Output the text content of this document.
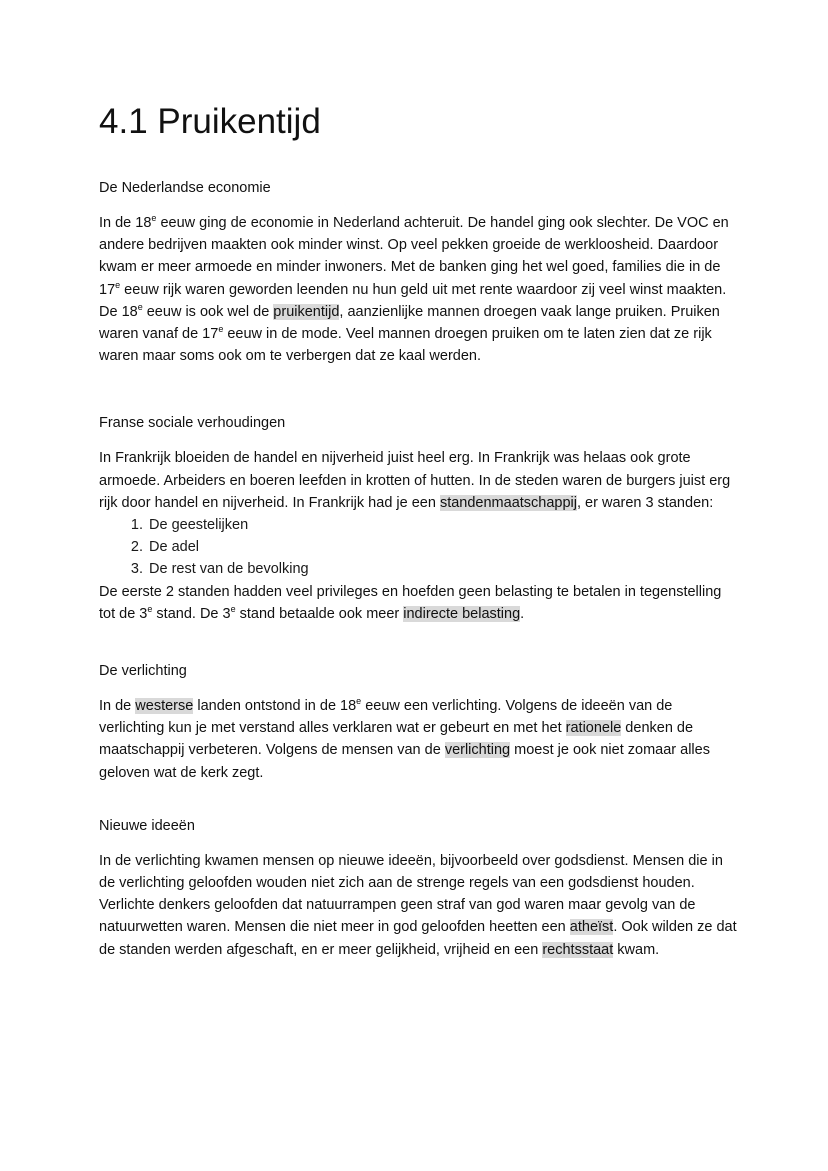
4.1 Pruikentijd
De Nederlandse economie

In de 18e eeuw ging de economie in Nederland achteruit. De handel ging ook slechter. De VOC en andere bedrijven maakten ook minder winst. Op veel pekken groeide de werkloosheid. Daardoor kwam er meer armoede en minder inwoners. Met de banken ging het wel goed, families die in de 17e eeuw rijk waren geworden leenden nu hun geld uit met rente waardoor zij veel winst maakten. De 18e eeuw is ook wel de pruikentijd, aanzienlijke mannen droegen vaak lange pruiken. Pruiken waren vanaf de 17e eeuw in de mode. Veel mannen droegen pruiken om te laten zien dat ze rijk waren maar soms ook om te verbergen dat ze kaal werden.

Franse sociale verhoudingen

In Frankrijk bloeiden de handel en nijverheid juist heel erg. In Frankrijk was helaas ook grote armoede. Arbeiders en boeren leefden in krotten of hutten. In de steden waren de burgers juist erg rijk door handel en nijverheid. In Frankrijk had je een standenmaatschappij, er waren 3 standen:

1. De geestelijken
2. De adel
3. De rest van de bevolking

De eerste 2 standen hadden veel privileges en hoefden geen belasting te betalen in tegenstelling tot de 3e stand. De 3e stand betaalde ook meer indirecte belasting.

De verlichting

In de westerse landen ontstond in de 18e eeuw een verlichting. Volgens de ideeën van de verlichting kun je met verstand alles verklaren wat er gebeurt en met het rationele denken de maatschappij verbeteren. Volgens de mensen van de verlichting moest je ook niet zomaar alles geloven wat de kerk zegt.

Nieuwe ideeën

In de verlichting kwamen mensen op nieuwe ideeën, bijvoorbeeld over godsdienst. Mensen die in de verlichting geloofden wouden niet zich aan de strenge regels van een godsdienst houden. Verlichte denkers geloofden dat natuurrampen geen straf van god waren maar gevolg van de natuurwetten waren. Mensen die niet meer in god geloofden heetten een atheïst. Ook wilden ze dat de standen werden afgeschaft, en er meer gelijkheid, vrijheid en een rechtsstaat kwam.
